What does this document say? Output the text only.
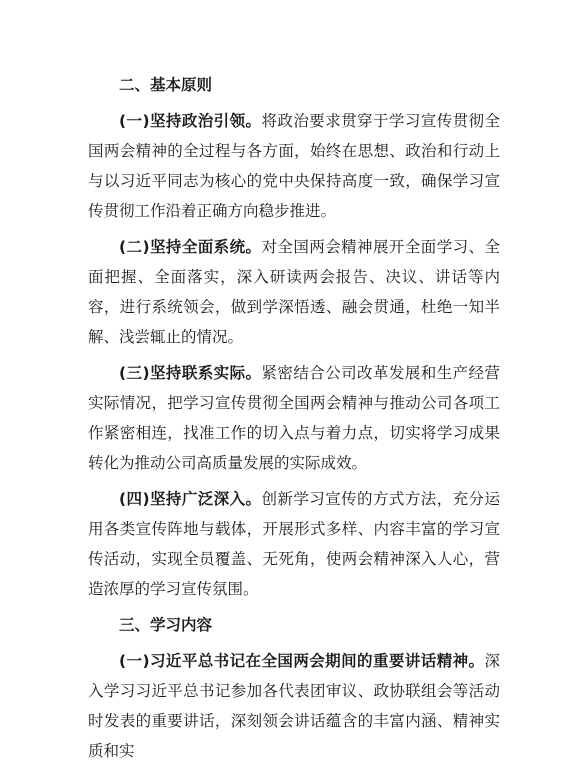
二、基本原则

(一)坚持政治引领。将政治要求贯穿于学习宣传贯彻全国两会精神的全过程与各方面，始终在思想、政治和行动上与以习近平同志为核心的党中央保持高度一致，确保学习宣传贯彻工作沿着正确方向稳步推进。

(二)坚持全面系统。对全国两会精神展开全面学习、全面把握、全面落实，深入研读两会报告、决议、讲话等内容，进行系统领会，做到学深悟透、融会贯通，杜绝一知半解、浅尝辄止的情况。

(三)坚持联系实际。紧密结合公司改革发展和生产经营实际情况，把学习宣传贯彻全国两会精神与推动公司各项工作紧密相连，找准工作的切入点与着力点，切实将学习成果转化为推动公司高质量发展的实际成效。

(四)坚持广泛深入。创新学习宣传的方式方法，充分运用各类宣传阵地与载体，开展形式多样、内容丰富的学习宣传活动，实现全员覆盖、无死角，使两会精神深入人心，营造浓厚的学习宣传氛围。

三、学习内容

(一)习近平总书记在全国两会期间的重要讲话精神。深入学习习近平总书记参加各代表团审议、政协联组会等活动时发表的重要讲话，深刻领会讲话蕴含的丰富内涵、精神实质和实
